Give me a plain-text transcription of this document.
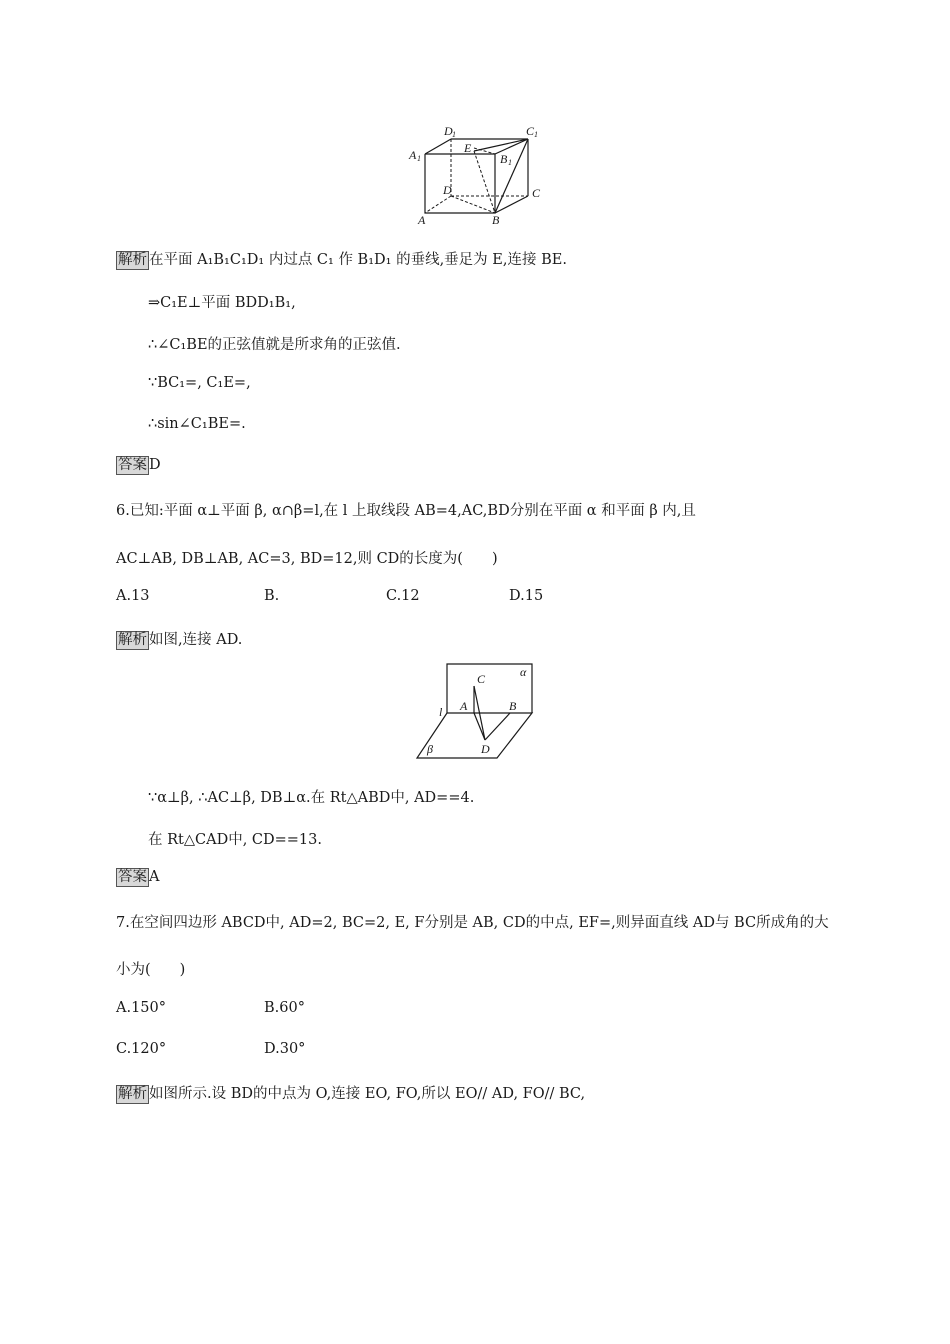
D 1	C 1
A 1	B 1
E
D	C
A	B
解析 在平面 A₁B₁C₁D₁ 内过点 C₁ 作 B₁D₁ 的垂线,垂足为 E,连接 BE.
⇒C₁E⊥平面 BDD₁B₁,
∴∠C₁BE的正弦值就是所求角的正弦值.
∵BC₁=, C₁E=,
∴sin∠C₁BE=.
答案 D
6.已知:平面 α⊥平面 β, α∩β=l,在 l 上取线段 AB=4,AC,BD分别在平面 α 和平面 β 内,且
AC⊥AB, DB⊥AB, AC=3, BD=12,则 CD的长度为(　　)
A.13	B.	C.12	D.15
解析 如图,连接 AD.
C	α
l A	B
β	D
∵α⊥β, ∴AC⊥β, DB⊥α.在 Rt△ABD中, AD==4.
在 Rt△CAD中, CD==13.
答案 A
7.在空间四边形 ABCD中, AD=2, BC=2, E, F分别是 AB, CD的中点, EF=,则异面直线 AD与 BC所成角的大
小为(　　)
A.150°	B.60°
C.120°	D.30°
解析 如图所示.设 BD的中点为 O,连接 EO, FO,所以 EO// AD, FO// BC,
